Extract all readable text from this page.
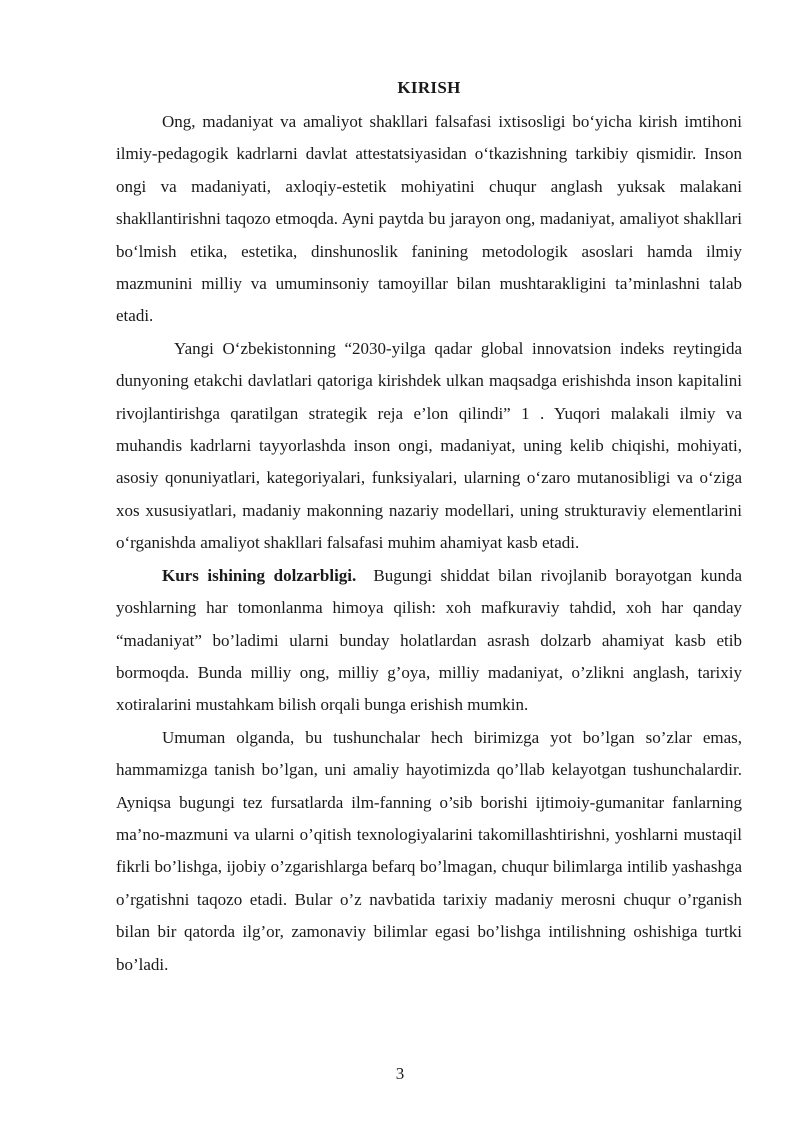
KIRISH

Ong, madaniyat va amaliyot shakllari falsafasi ixtisosligi bo‘yicha kirish imtihoni ilmiy-pedagogik kadrlarni davlat attestatsiyasidan o‘tkazishning tarkibiy qismidir. Inson ongi va madaniyati, axloqiy-estetik mohiyatini chuqur anglash yuksak malakani shakllantirishni taqozo etmoqda. Ayni paytda bu jarayon ong, madaniyat, amaliyot shakllari bo‘lmish etika, estetika, dinshunoslik fanining metodologik asoslari hamda ilmiy mazmunini milliy va umuminsoniy tamoyillar bilan mushtarakligini ta’minlashni talab etadi.

Yangi O‘zbekistonning “2030-yilga qadar global innovatsion indeks reytingida dunyoning etakchi davlatlari qatoriga kirishdek ulkan maqsadga erishishda inson kapitalini rivojlantirishga qaratilgan strategik reja e’lon qilindi” 1 . Yuqori malakali ilmiy va muhandis kadrlarni tayyorlashda inson ongi, madaniyat, uning kelib chiqishi, mohiyati, asosiy qonuniyatlari, kategoriyalari, funksiyalari, ularning o‘zaro mutanosibligi va o‘ziga xos xususiyatlari, madaniy makonning nazariy modellari, uning strukturaviy elementlarini o‘rganishda amaliyot shakllari falsafasi muhim ahamiyat kasb etadi.

Kurs ishining dolzarbligi.  Bugungi shiddat bilan rivojlanib borayotgan kunda yoshlarning har tomonlanma himoya qilish: xoh mafkuraviy tahdid, xoh har qanday “madaniyat” bo’ladimi ularni bunday holatlardan asrash dolzarb ahamiyat kasb etib bormoqda. Bunda milliy ong, milliy g’oya, milliy madaniyat, o’zlikni anglash, tarixiy xotiralarini mustahkam bilish orqali bunga erishish mumkin.

Umuman olganda, bu tushunchalar hech birimizga yot bo’lgan so’zlar emas, hammamizga tanish bo’lgan, uni amaliy hayotimizda qo’llab kelayotgan tushunchalardir. Ayniqsa bugungi tez fursatlarda ilm-fanning o’sib borishi ijtimoiy-gumanitar fanlarning ma’no-mazmuni va ularni o’qitish texnologiyalarini takomillashtirishni, yoshlarni mustaqil fikrli bo’lishga, ijobiy o’zgarishlarga befarq bo’lmagan, chuqur bilimlarga intilib yashashga o’rgatishni taqozo etadi. Bular o’z navbatida tarixiy madaniy merosni chuqur o’rganish bilan bir qatorda ilg’or, zamonaviy bilimlar egasi bo’lishga intilishning oshishiga turtki bo’ladi.

3
